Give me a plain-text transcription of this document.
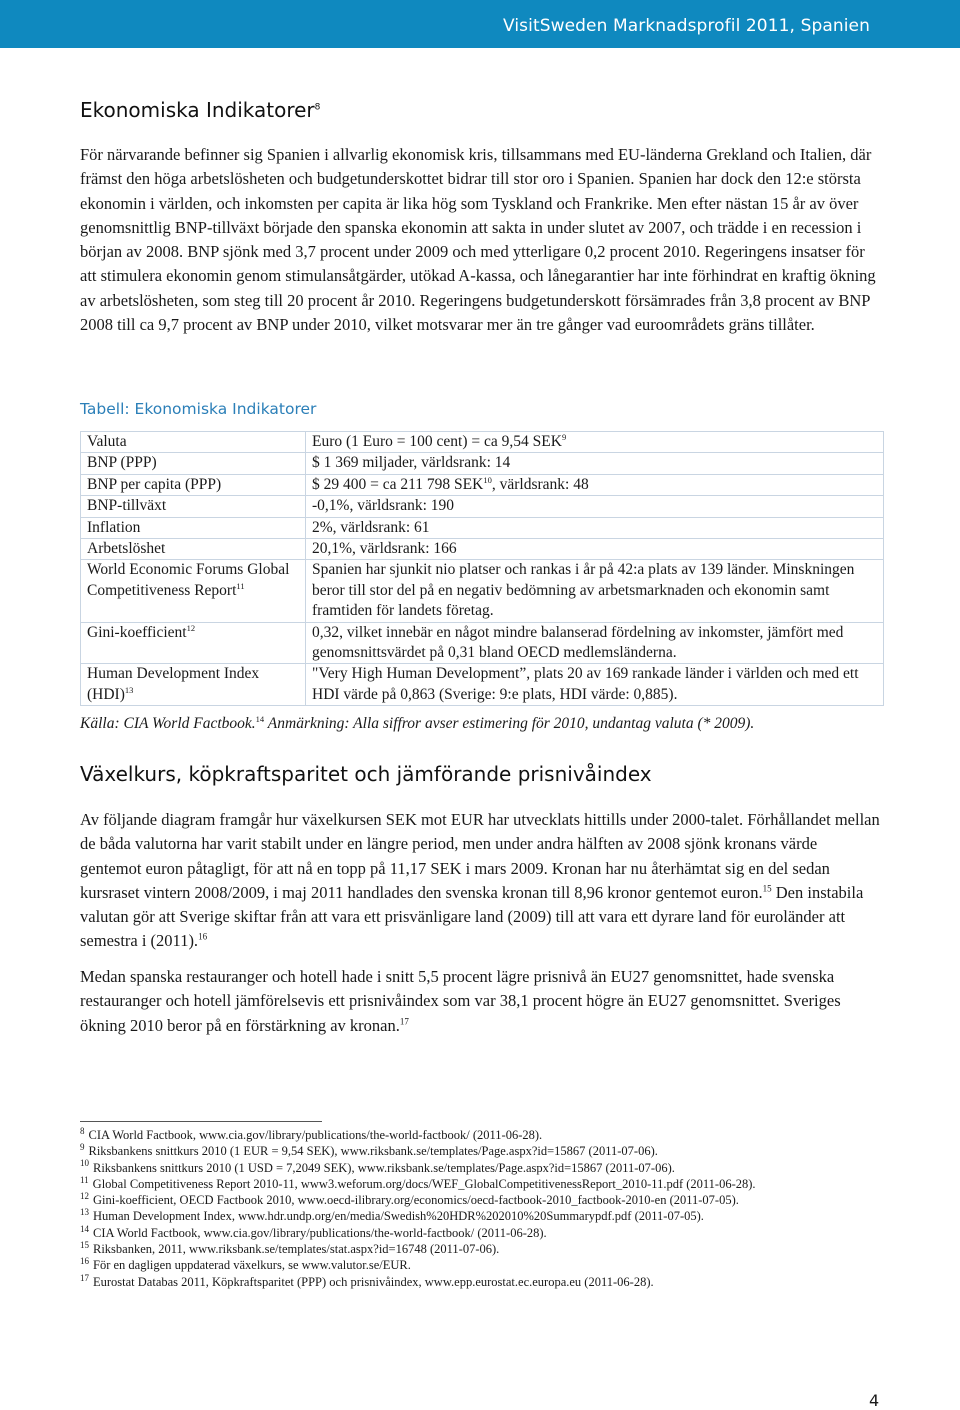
VisitSweden Marknadsprofil 2011, Spanien
Ekonomiska Indikatorer$^8$

För närvarande befinner sig Spanien i allvarlig ekonomisk kris, tillsammans med EU-länderna Grekland och Italien, där främst den höga arbetslösheten och budgetunderskottet bidrar till stor oro i Spanien. Spanien har dock den 12:e största ekonomin i världen, och inkomsten per capita är lika hög som Tyskland och Frankrike. Men efter nästan 15 år av över genomsnittlig BNP-tillväxt började den spanska ekonomin att sakta in under slutet av 2007, och trädde i en recession i början av 2008. BNP sjönk med 3,7 procent under 2009 och med ytterligare 0,2 procent 2010. Regeringens insatser för att stimulera ekonomin genom stimulansåtgärder, utökad A-kassa, och lånegarantier har inte förhindrat en kraftig ökning av arbetslösheten, som steg till 20 procent år 2010. Regeringens budgetunderskott försämrades från 3,8 procent av BNP 2008 till ca 9,7 procent av BNP under 2010, vilket motsvarar mer än tre gånger vad euroområdets gräns tillåter.

Tabell: Ekonomiska Indikatorer
Valuta	Euro (1 Euro = 100 cent) = ca 9,54 SEK$^9$
BNP (PPP)	$ 1 369 miljader, världsrank: 14
BNP per capita (PPP)	$ 29 400 = ca 211 798 SEK$^{10}$, världsrank: 48
BNP-tillväxt	-0,1%, världsrank: 190
Inflation	2%, världsrank: 61
Arbetslöshet	20,1%, världsrank: 166
World Economic Forums Global Competitiveness Report$^{11}$	Spanien har sjunkit nio platser och rankas i år på 42:a plats av 139 länder. Minskningen beror till stor del på en negativ bedömning av arbetsmarknaden och ekonomin samt framtiden för landets företag.
Gini-koefficient$^{12}$	0,32, vilket innebär en något mindre balanserad fördelning av inkomster, jämfört med genomsnittsvärdet på 0,31 bland OECD medlemsländerna.
Human Development Index (HDI)$^{13}$	"Very High Human Development”, plats 20 av 169 rankade länder i världen och med ett HDI värde på 0,863 (Sverige: 9:e plats, HDI värde: 0,885).
Källa: CIA World Factbook.$^{14}$ Anmärkning: Alla siffror avser estimering för 2010, undantag valuta (* 2009).
Växelkurs, köpkraftsparitet och jämförande prisnivåindex

Av följande diagram framgår hur växelkursen SEK mot EUR har utvecklats hittills under 2000-talet. Förhållandet mellan de båda valutorna har varit stabilt under en längre period, men under andra hälften av 2008 sjönk kronans värde gentemot euron påtagligt, för att nå en topp på 11,17 SEK i mars 2009. Kronan har nu återhämtat sig en del sedan kursraset vintern 2008/2009, i maj 2011 handlades den svenska kronan till 8,96 kronor gentemot euron.$^{15}$ Den instabila valutan gör att Sverige skiftar från att vara ett prisvänligare land (2009) till att vara ett dyrare land för euroländer att semestra i (2011).$^{16}$

Medan spanska restauranger och hotell hade i snitt 5,5 procent lägre prisnivå än EU27 genomsnittet, hade svenska restauranger och hotell jämförelsevis ett prisnivåindex som var 38,1 procent högre än EU27 genomsnittet. Sveriges ökning 2010 beror på en förstärkning av kronan.$^{17}$

$^8$ CIA World Factbook, www.cia.gov/library/publications/the-world-factbook/ (2011-06-28).

$^9$ Riksbankens snittkurs 2010 (1 EUR = 9,54 SEK), www.riksbank.se/templates/Page.aspx?id=15867 (2011-07-06).

$^{10}$ Riksbankens snittkurs 2010 (1 USD = 7,2049 SEK), www.riksbank.se/templates/Page.aspx?id=15867 (2011-07-06).

$^{11}$ Global Competitiveness Report 2010-11, www3.weforum.org/docs/WEF_GlobalCompetitivenessReport_2010-11.pdf (2011-06-28).

$^{12}$ Gini-koefficient, OECD Factbook 2010, www.oecd-ilibrary.org/economics/oecd-factbook-2010_factbook-2010-en (2011-07-05).

$^{13}$ Human Development Index, www.hdr.undp.org/en/media/Swedish%20HDR%202010%20Summarypdf.pdf (2011-07-05).

$^{14}$ CIA World Factbook, www.cia.gov/library/publications/the-world-factbook/ (2011-06-28).

$^{15}$ Riksbanken, 2011, www.riksbank.se/templates/stat.aspx?id=16748 (2011-07-06).

$^{16}$ För en dagligen uppdaterad växelkurs, se www.valutor.se/EUR.

$^{17}$ Eurostat Databas 2011, Köpkraftsparitet (PPP) och prisnivåindex, www.epp.eurostat.ec.europa.eu (2011-06-28).

4
